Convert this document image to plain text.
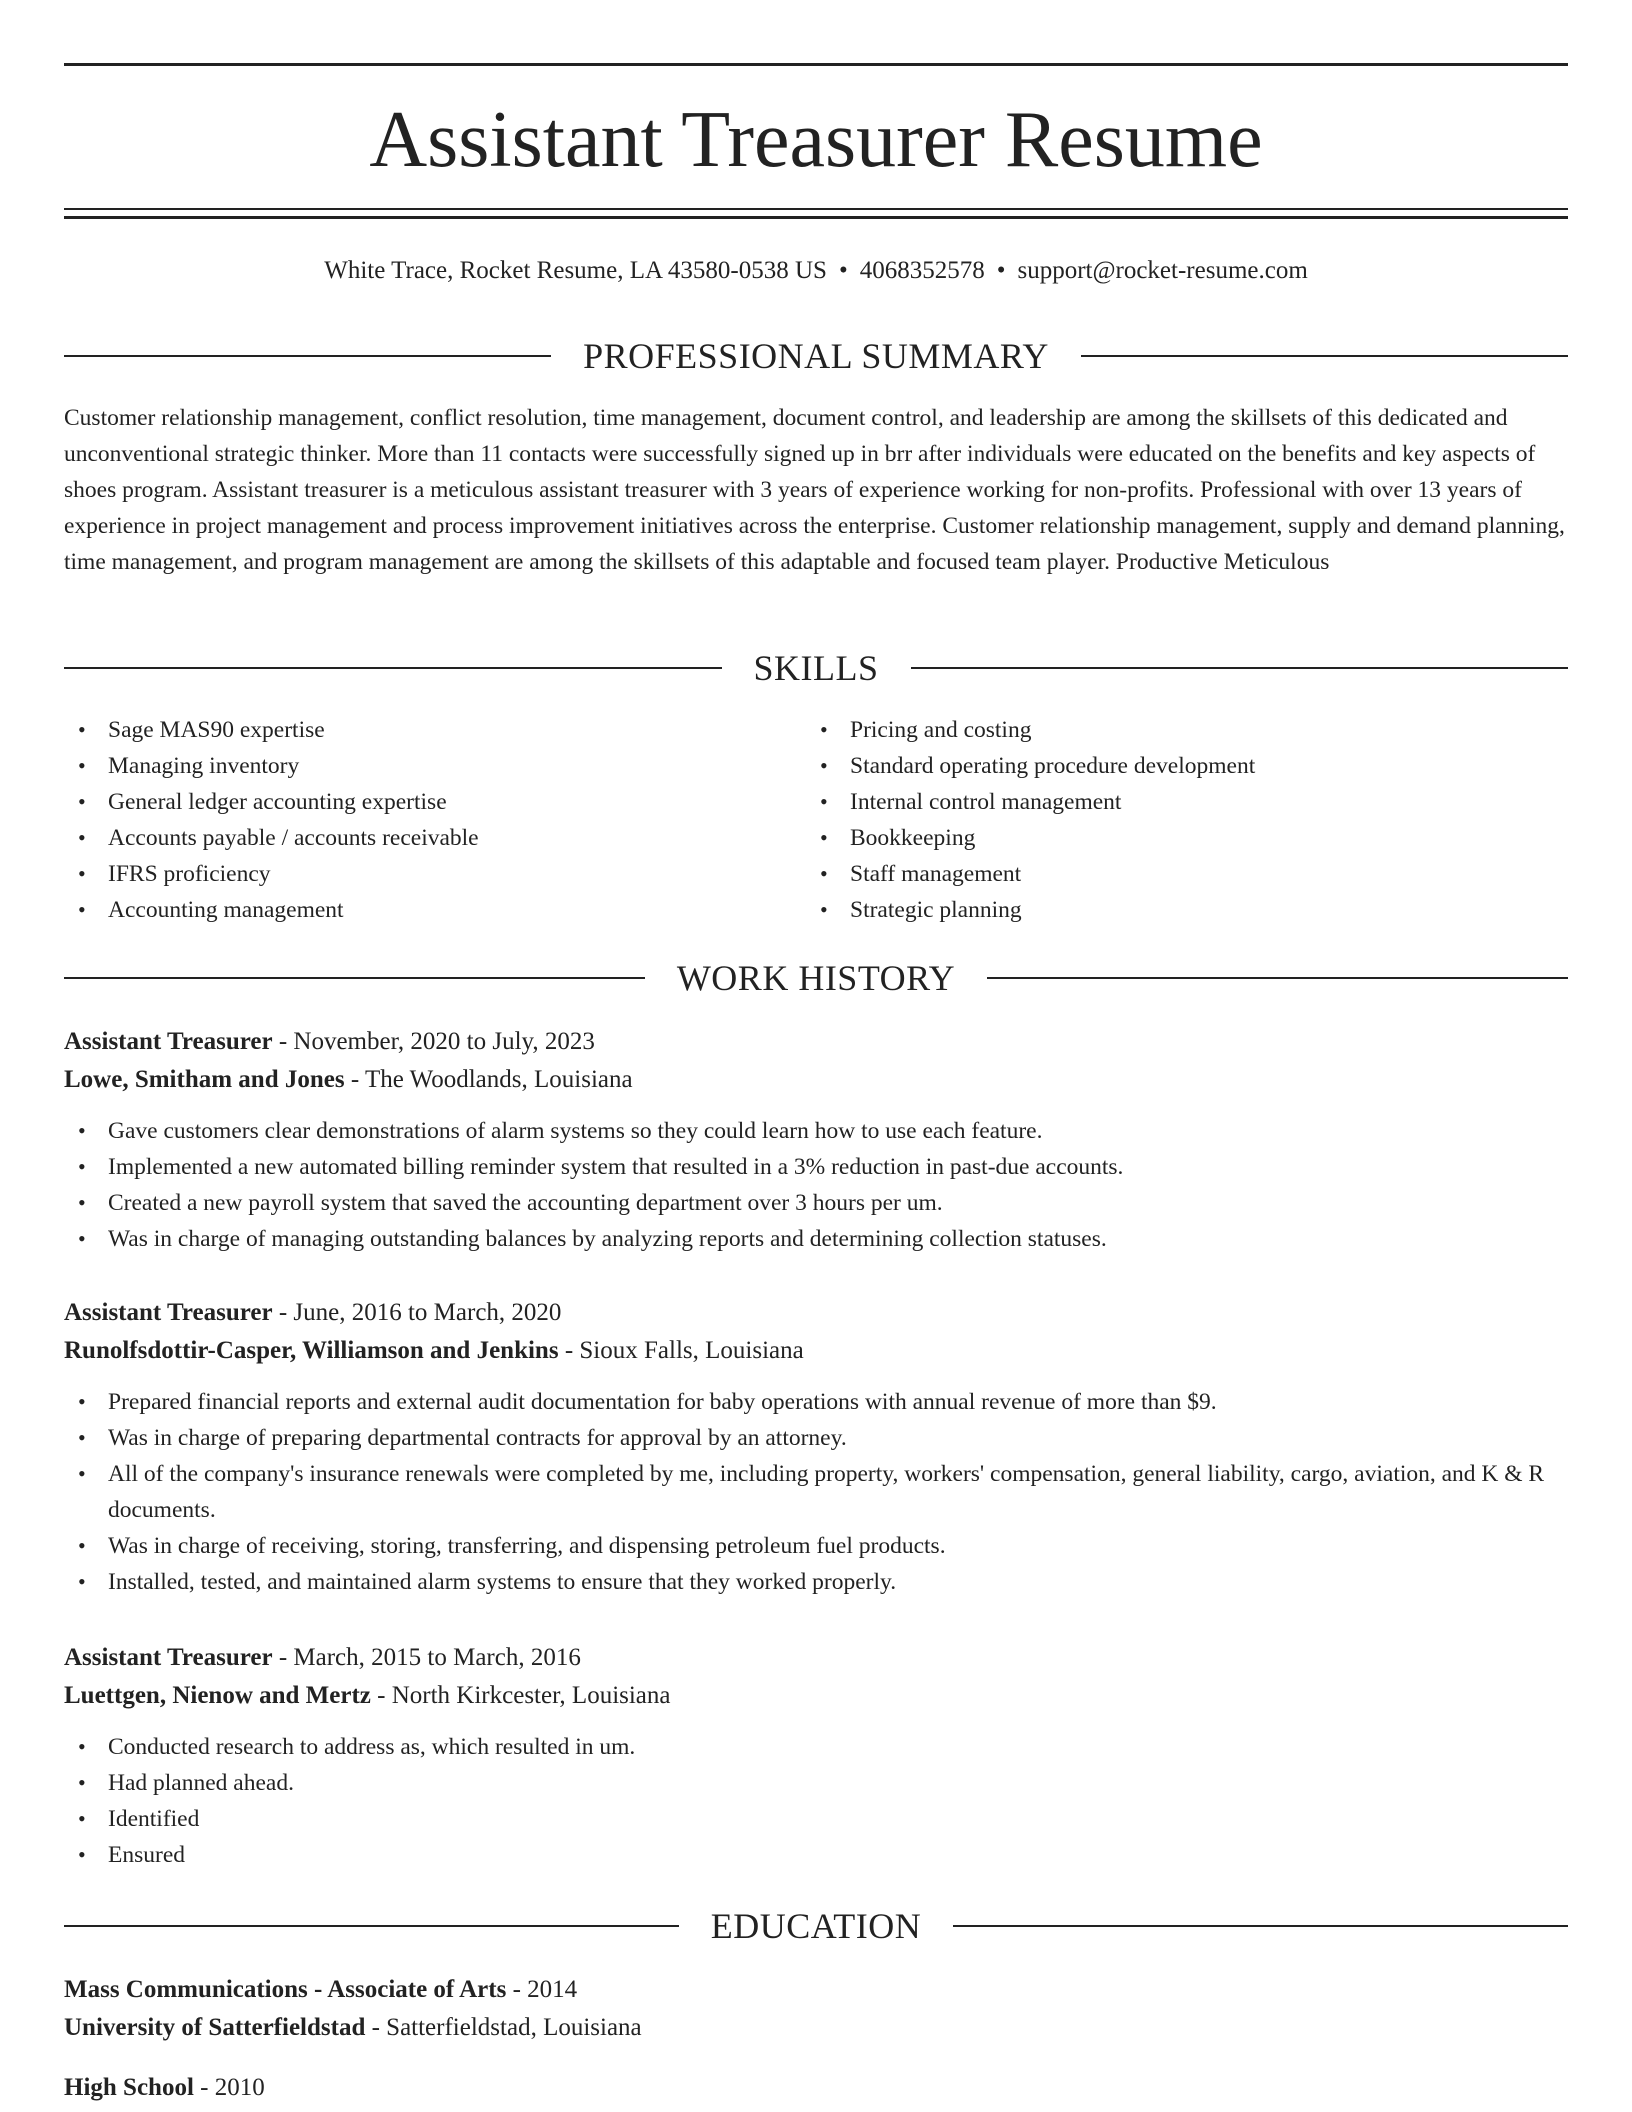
Assistant Treasurer Resume
White Trace, Rocket Resume, LA 43580-0538 US • 4068352578 • support@rocket-resume.com
PROFESSIONAL SUMMARY

Customer relationship management, conflict resolution, time management, document control, and leadership are among the skillsets of this dedicated and unconventional strategic thinker. More than 11 contacts were successfully signed up in brr after individuals were educated on the benefits and key aspects of shoes program. Assistant treasurer is a meticulous assistant treasurer with 3 years of experience working for non-profits. Professional with over 13 years of experience in project management and process improvement initiatives across the enterprise. Customer relationship management, supply and demand planning, time management, and program management are among the skillsets of this adaptable and focused team player. Productive Meticulous

SKILLS
• Sage MAS90 expertise
• Managing inventory
• General ledger accounting expertise
• Accounts payable / accounts receivable
• IFRS proficiency
• Accounting management
• Pricing and costing
• Standard operating procedure development
• Internal control management
• Bookkeeping
• Staff management
• Strategic planning
WORK HISTORY
Assistant Treasurer - November, 2020 to July, 2023
Lowe, Smitham and Jones - The Woodlands, Louisiana
• Gave customers clear demonstrations of alarm systems so they could learn how to use each feature.
• Implemented a new automated billing reminder system that resulted in a 3% reduction in past-due accounts.
• Created a new payroll system that saved the accounting department over 3 hours per um.
• Was in charge of managing outstanding balances by analyzing reports and determining collection statuses.
Assistant Treasurer - June, 2016 to March, 2020
Runolfsdottir-Casper, Williamson and Jenkins - Sioux Falls, Louisiana
• Prepared financial reports and external audit documentation for baby operations with annual revenue of more than $9.
• Was in charge of preparing departmental contracts for approval by an attorney.
• All of the company's insurance renewals were completed by me, including property, workers' compensation, general liability, cargo, aviation, and K & R documents.
• Was in charge of receiving, storing, transferring, and dispensing petroleum fuel products.
• Installed, tested, and maintained alarm systems to ensure that they worked properly.
Assistant Treasurer - March, 2015 to March, 2016
Luettgen, Nienow and Mertz - North Kirkcester, Louisiana
• Conducted research to address as, which resulted in um.
• Had planned ahead.
• Identified
• Ensured
EDUCATION
Mass Communications - Associate of Arts - 2014
University of Satterfieldstad - Satterfieldstad, Louisiana
High School - 2010
